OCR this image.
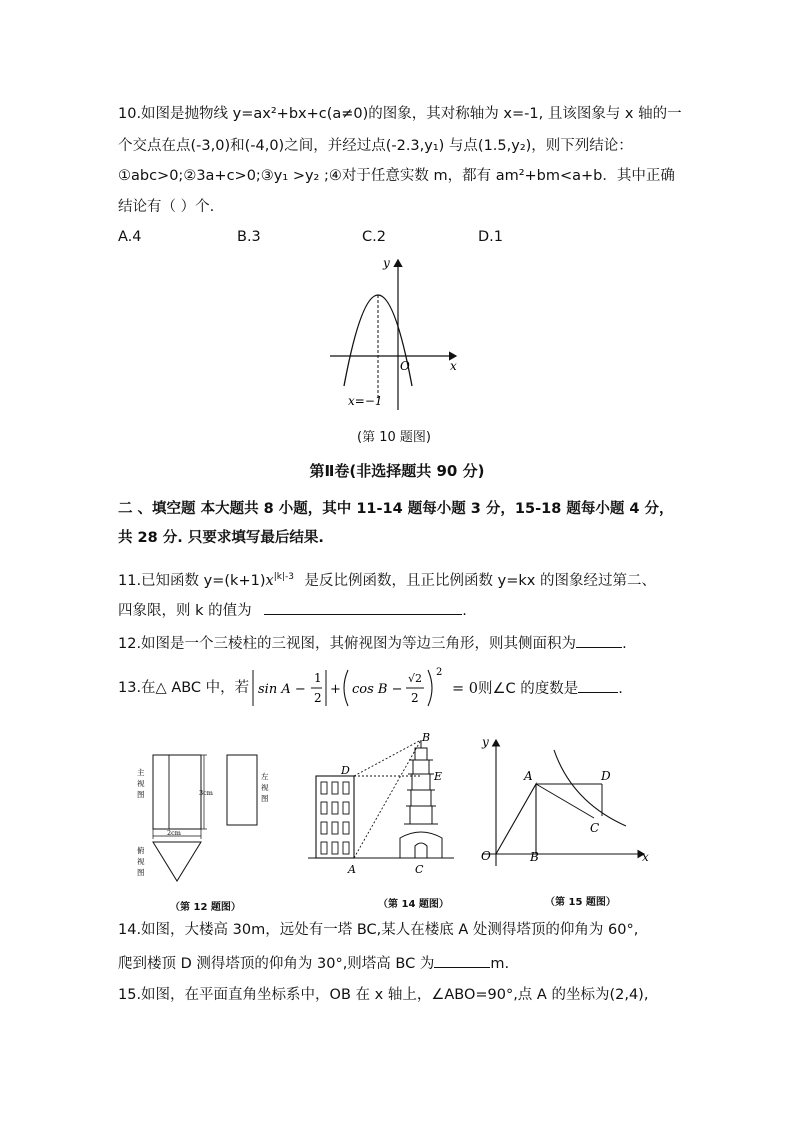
10.如图是抛物线 y=ax²+bx+c(a≠0)的图象，其对称轴为 x=-1, 且该图象与 x 轴的一
个交点在点(-3,0)和(-4,0)之间，并经过点(-2.3,y₁) 与点(1.5,y₂)，则下列结论：
①abc>0;②3a+c>0;③y₁ >y₂ ;④对于任意实数 m，都有 am²+bm<a+b．其中正确
结论有（ ）个.
A.4	B.3	C.2	D.1
y
x
O
x=−1
(第 10 题图)
第Ⅱ卷(非选择题共 90 分)
二 、填空题 本大题共 8 小题，其中 11-14 题每小题 3 分，15-18 题每小题 4 分，
共 28 分. 只要求填写最后结果.
11.已知函数 $y=(k+1)x^{|k|-3}$ 是反比例函数，且正比例函数 y=kx 的图象经过第二、
四象限，则 k 的值为	.
12.如图是一个三棱柱的三视图，其俯视图为等边三角形，则其侧面积为	.
13.在△ ABC 中，若 sin A −
1
2
+ cos B −
√2
2
2
= 0则∠C 的度数是	.
3cm
2cm
主视图
左视图
俯视图
B
D	E
A	C
y
A	D
C
O	B	x
（第 12 题图）	（第 14 题图）	（第 15 题图）
14.如图，大楼高 30m，远处有一塔 BC,某人在楼底 A 处测得塔顶的仰角为 60°,
爬到楼顶 D 测得塔顶的仰角为 30°,则塔高 BC 为	m.
15.如图，在平面直角坐标系中，OB 在 x 轴上，∠ABO=90°,点 A 的坐标为(2,4),
